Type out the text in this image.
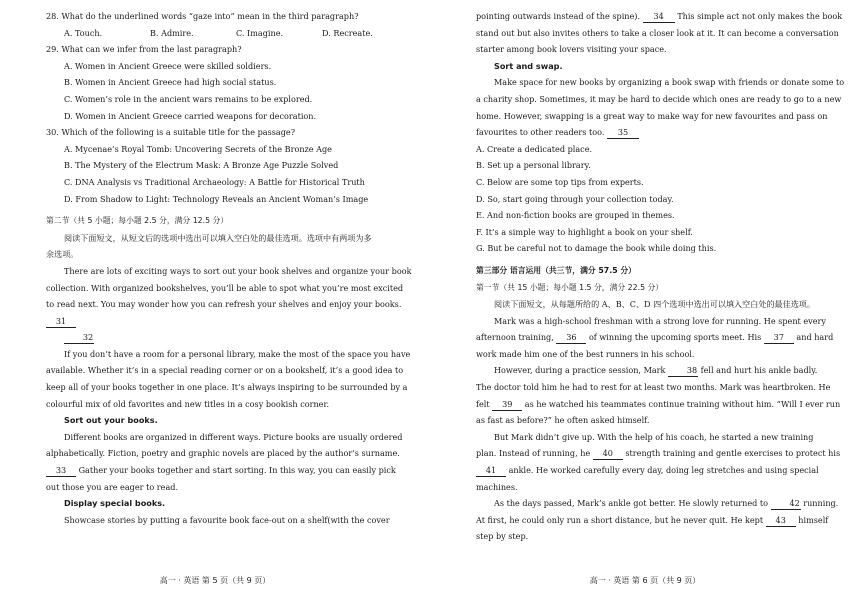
28. What do the underlined words “gaze into” mean in the third paragraph?
A. Touch.	B. Admire.	C. Imagine.	D. Recreate.
29. What can we infer from the last paragraph?
A. Women in Ancient Greece were skilled soldiers.
B. Women in Ancient Greece had high social status.
C. Women’s role in the ancient wars remains to be explored.
D. Women in Ancient Greece carried weapons for decoration.
30. Which of the following is a suitable title for the passage?
A. Mycenae’s Royal Tomb: Uncovering Secrets of the Bronze Age
B. The Mystery of the Electrum Mask: A Bronze Age Puzzle Solved
C. DNA Analysis vs Traditional Archaeology: A Battle for Historical Truth
D. From Shadow to Light: Technology Reveals an Ancient Woman’s Image
第二节（共 5 小题；每小题 2.5 分，满分 12.5 分）
阅读下面短文，从短文后的选项中选出可以填入空白处的最佳选项。选项中有两项为多
余选项。
There are lots of exciting ways to sort out your book shelves and organize your book
collection. With organized bookshelves, you’ll be able to spot what you’re most excited
to read next. You may wonder how you can refresh your shelves and enjoy your books.
31
32
If you don’t have a room for a personal library, make the most of the space you have
available. Whether it’s in a special reading corner or on a bookshelf, it’s a good idea to
keep all of your books together in one place. It’s always inspiring to be surrounded by a
colourful mix of old favorites and new titles in a cosy bookish corner.
Sort out your books.
Different books are organized in different ways. Picture books are usually ordered
alphabetically. Fiction, poetry and graphic novels are placed by the author’s surname.
33 Gather your books together and start sorting. In this way, you can easily pick
out those you are eager to read.
Display special books.
Showcase stories by putting a favourite book face-out on a shelf(with the cover
高一 · 英语 第 5 页（共 9 页）
pointing outwards instead of the spine). 34 This simple act not only makes the book
stand out but also invites others to take a closer look at it. It can become a conversation
starter among book lovers visiting your space.
Sort and swap.
Make space for new books by organizing a book swap with friends or donate some to
a charity shop. Sometimes, it may be hard to decide which ones are ready to go to a new
home. However, swapping is a great way to make way for new favourites and pass on
favourites to other readers too. 35
A. Create a dedicated place.
B. Set up a personal library.
C. Below are some top tips from experts.
D. So, start going through your collection today.
E. And non-fiction books are grouped in themes.
F. It’s a simple way to highlight a book on your shelf.
G. But be careful not to damage the book while doing this.
第三部分 语言运用（共三节，满分 57.5 分）
第一节（共 15 小题；每小题 1.5 分，满分 22.5 分）
阅读下面短文，从每题所给的 A、B、C、D 四个选项中选出可以填入空白处的最佳选项。
Mark was a high-school freshman with a strong love for running. He spent every
afternoon training, 36 of winning the upcoming sports meet. His 37 and hard
work made him one of the best runners in his school.
However, during a practice session, Mark	38 fell and hurt his ankle badly.
The doctor told him he had to rest for at least two months. Mark was heartbroken. He
felt 39 as he watched his teammates continue training without him. “Will I ever run
as fast as before?” he often asked himself.
But Mark didn’t give up. With the help of his coach, he started a new training
plan. Instead of running, he 40 strength training and gentle exercises to protect his
41 ankle. He worked carefully every day, doing leg stretches and using special
machines.
As the days passed, Mark’s ankle got better. He slowly returned to	42 running.
At first, he could only run a short distance, but he never quit. He kept 43 himself
step by step.
高一 · 英语 第 6 页（共 9 页）
